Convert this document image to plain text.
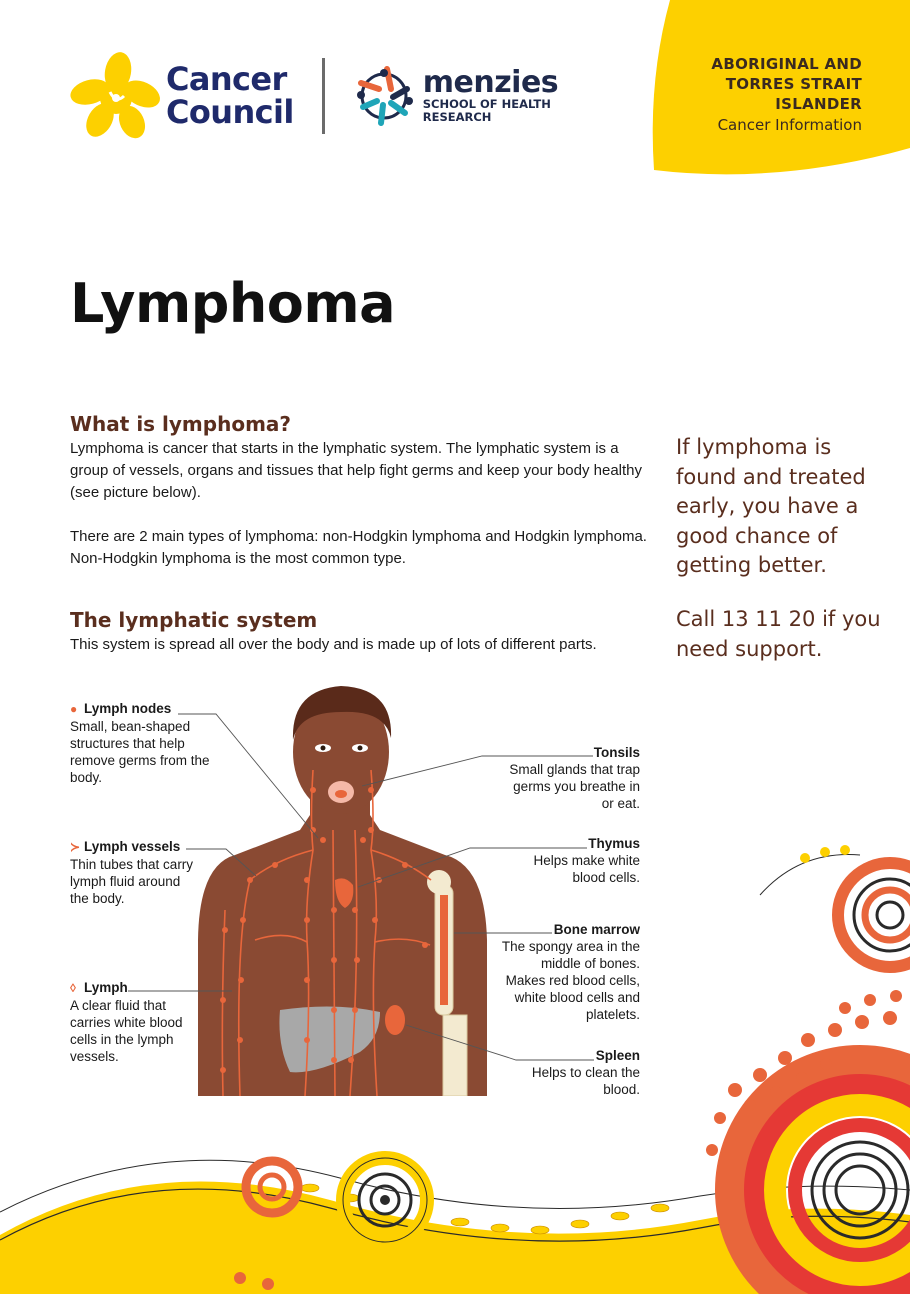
ABORIGINAL AND
TORRES STRAIT
ISLANDER
Cancer Information
Cancer
Council
menzies
SCHOOL OF HEALTH
RESEARCH
Lymphoma
What is lymphoma?

Lymphoma is cancer that starts in the lymphatic system. The lymphatic system is a group of vessels, organs and tissues that help fight germs and keep your body healthy (see picture below).

There are 2 main types of lymphoma: non-Hodgkin lymphoma and Hodgkin lymphoma. Non-Hodgkin lymphoma is the most common type.

The lymphatic system

This system is spread all over the body and is made up of lots of different parts.

If lymphoma is found and treated early, you have a good chance of getting better.

Call 13 11 20 if you need support.

● Lymph nodes
Small, bean-shaped structures that help remove germs from the body.
≻ Lymph vessels
Thin tubes that carry lymph fluid around the body.
◊ Lymph
A clear fluid that carries white blood cells in the lymph vessels.
Tonsils
Small glands that trap germs you breathe in or eat.
Thymus
Helps make white blood cells.
Bone marrow
The spongy area in the middle of bones. Makes red blood cells, white blood cells and platelets.
Spleen
Helps to clean the blood.
